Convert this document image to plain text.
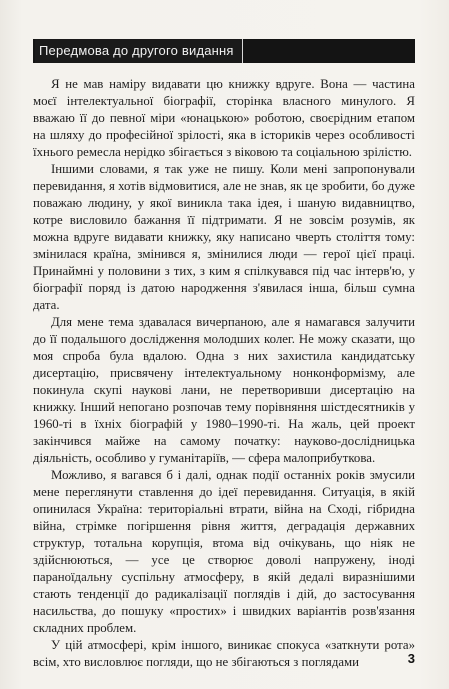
Передмова до другого видання

Я не мав наміру видавати цю книжку вдруге. Вона — частина моєї інтелектуальної біографії, сторінка власного минулого. Я вважаю її до певної міри «юнацькою» роботою, своєрідним етапом на шляху до професійної зрілості, яка в істориків через особливості їхнього ремесла нерідко збігається з віковою та соціальною зрілістю.

Іншими словами, я так уже не пишу. Коли мені запропонували перевидання, я хотів відмовитися, але не знав, як це зробити, бо дуже поважаю людину, у якої виникла така ідея, і шаную видавництво, котре висловило бажання її підтримати. Я не зовсім розумів, як можна вдруге видавати книжку, яку написано чверть століття тому: змінилася країна, змінився я, змінилися люди — герої цієї праці. Принаймні у половини з тих, з ким я спілкувався під час інтерв'ю, у біографії поряд із датою народження з'явилася інша, більш сумна дата.

Для мене тема здавалася вичерпаною, але я намагався залучити до її подальшого дослідження молодших колег. Не можу сказати, що моя спроба була вдалою. Одна з них захистила кандидатську дисертацію, присвячену інтелектуальному нонконформізму, але покинула скупі наукові лани, не перетворивши дисертацію на книжку. Інший непогано розпочав тему порівняння шістдесятників у 1960-ті в їхніх біографій у 1980–1990-ті. На жаль, цей проект закінчився майже на самому початку: науково-дослідницька діяльність, особливо у гуманітаріїв, — сфера малоприбуткова.

Можливо, я вагався б і далі, однак події останніх років змусили мене переглянути ставлення до ідеї перевидання. Ситуація, в якій опинилася Україна: територіальні втрати, війна на Сході, гібридна війна, стрімке погіршення рівня життя, деградація державних структур, тотальна корупція, втома від очікувань, що ніяк не здійснюються, — усе це створює доволі напружену, іноді параноїдальну суспільну атмосферу, в якій дедалі виразнішими стають тенденції до радикалізації поглядів і дій, до застосування насильства, до пошуку «простих» і швидких варіантів розв'язання складних проблем.

У цій атмосфері, крім іншого, виникає спокуса «заткнути рота» всім, хто висловлює погляди, що не збігаються з поглядами	3
